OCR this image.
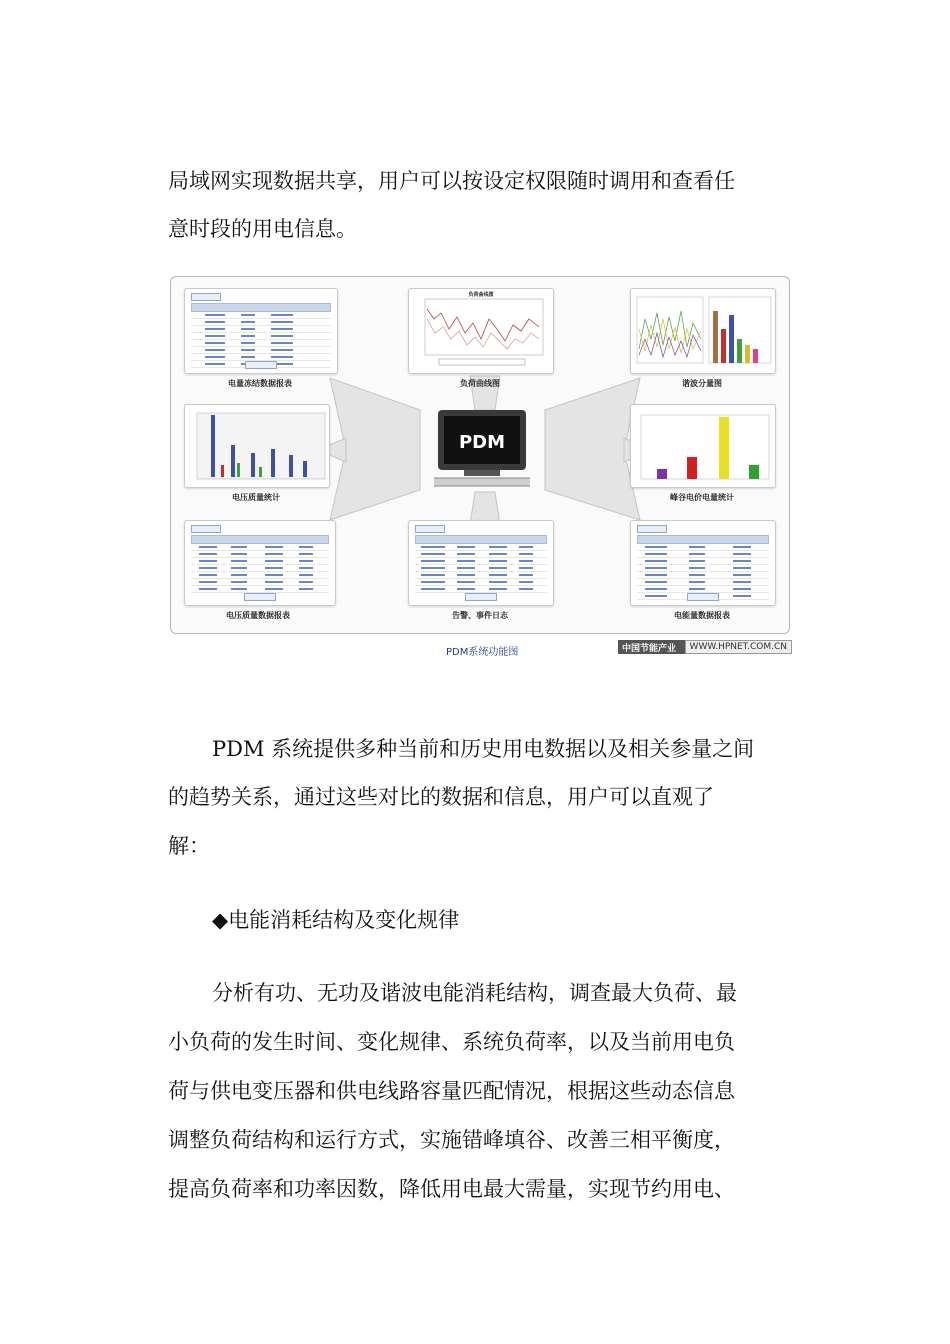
局域网实现数据共享，用户可以按设定权限随时调用和查看任
意时段的用电信息。
PDM
电量冻结数据报表
负荷曲线图
负荷曲线图	谐波分量图
电压质量统计	峰谷电价电量统计
电压质量数据报表	告警、事件日志	电能量数据报表
PDM系统功能图	中国节能产业网
WWW.HPNET.COM.CN
PDM 系统提供多种当前和历史用电数据以及相关参量之间
的趋势关系，通过这些对比的数据和信息，用户可以直观了
解：
◆电能消耗结构及变化规律
分析有功、无功及谐波电能消耗结构，调查最大负荷、最
小负荷的发生时间、变化规律、系统负荷率，以及当前用电负
荷与供电变压器和供电线路容量匹配情况，根据这些动态信息
调整负荷结构和运行方式，实施错峰填谷、改善三相平衡度，
提高负荷率和功率因数，降低用电最大需量，实现节约用电、
